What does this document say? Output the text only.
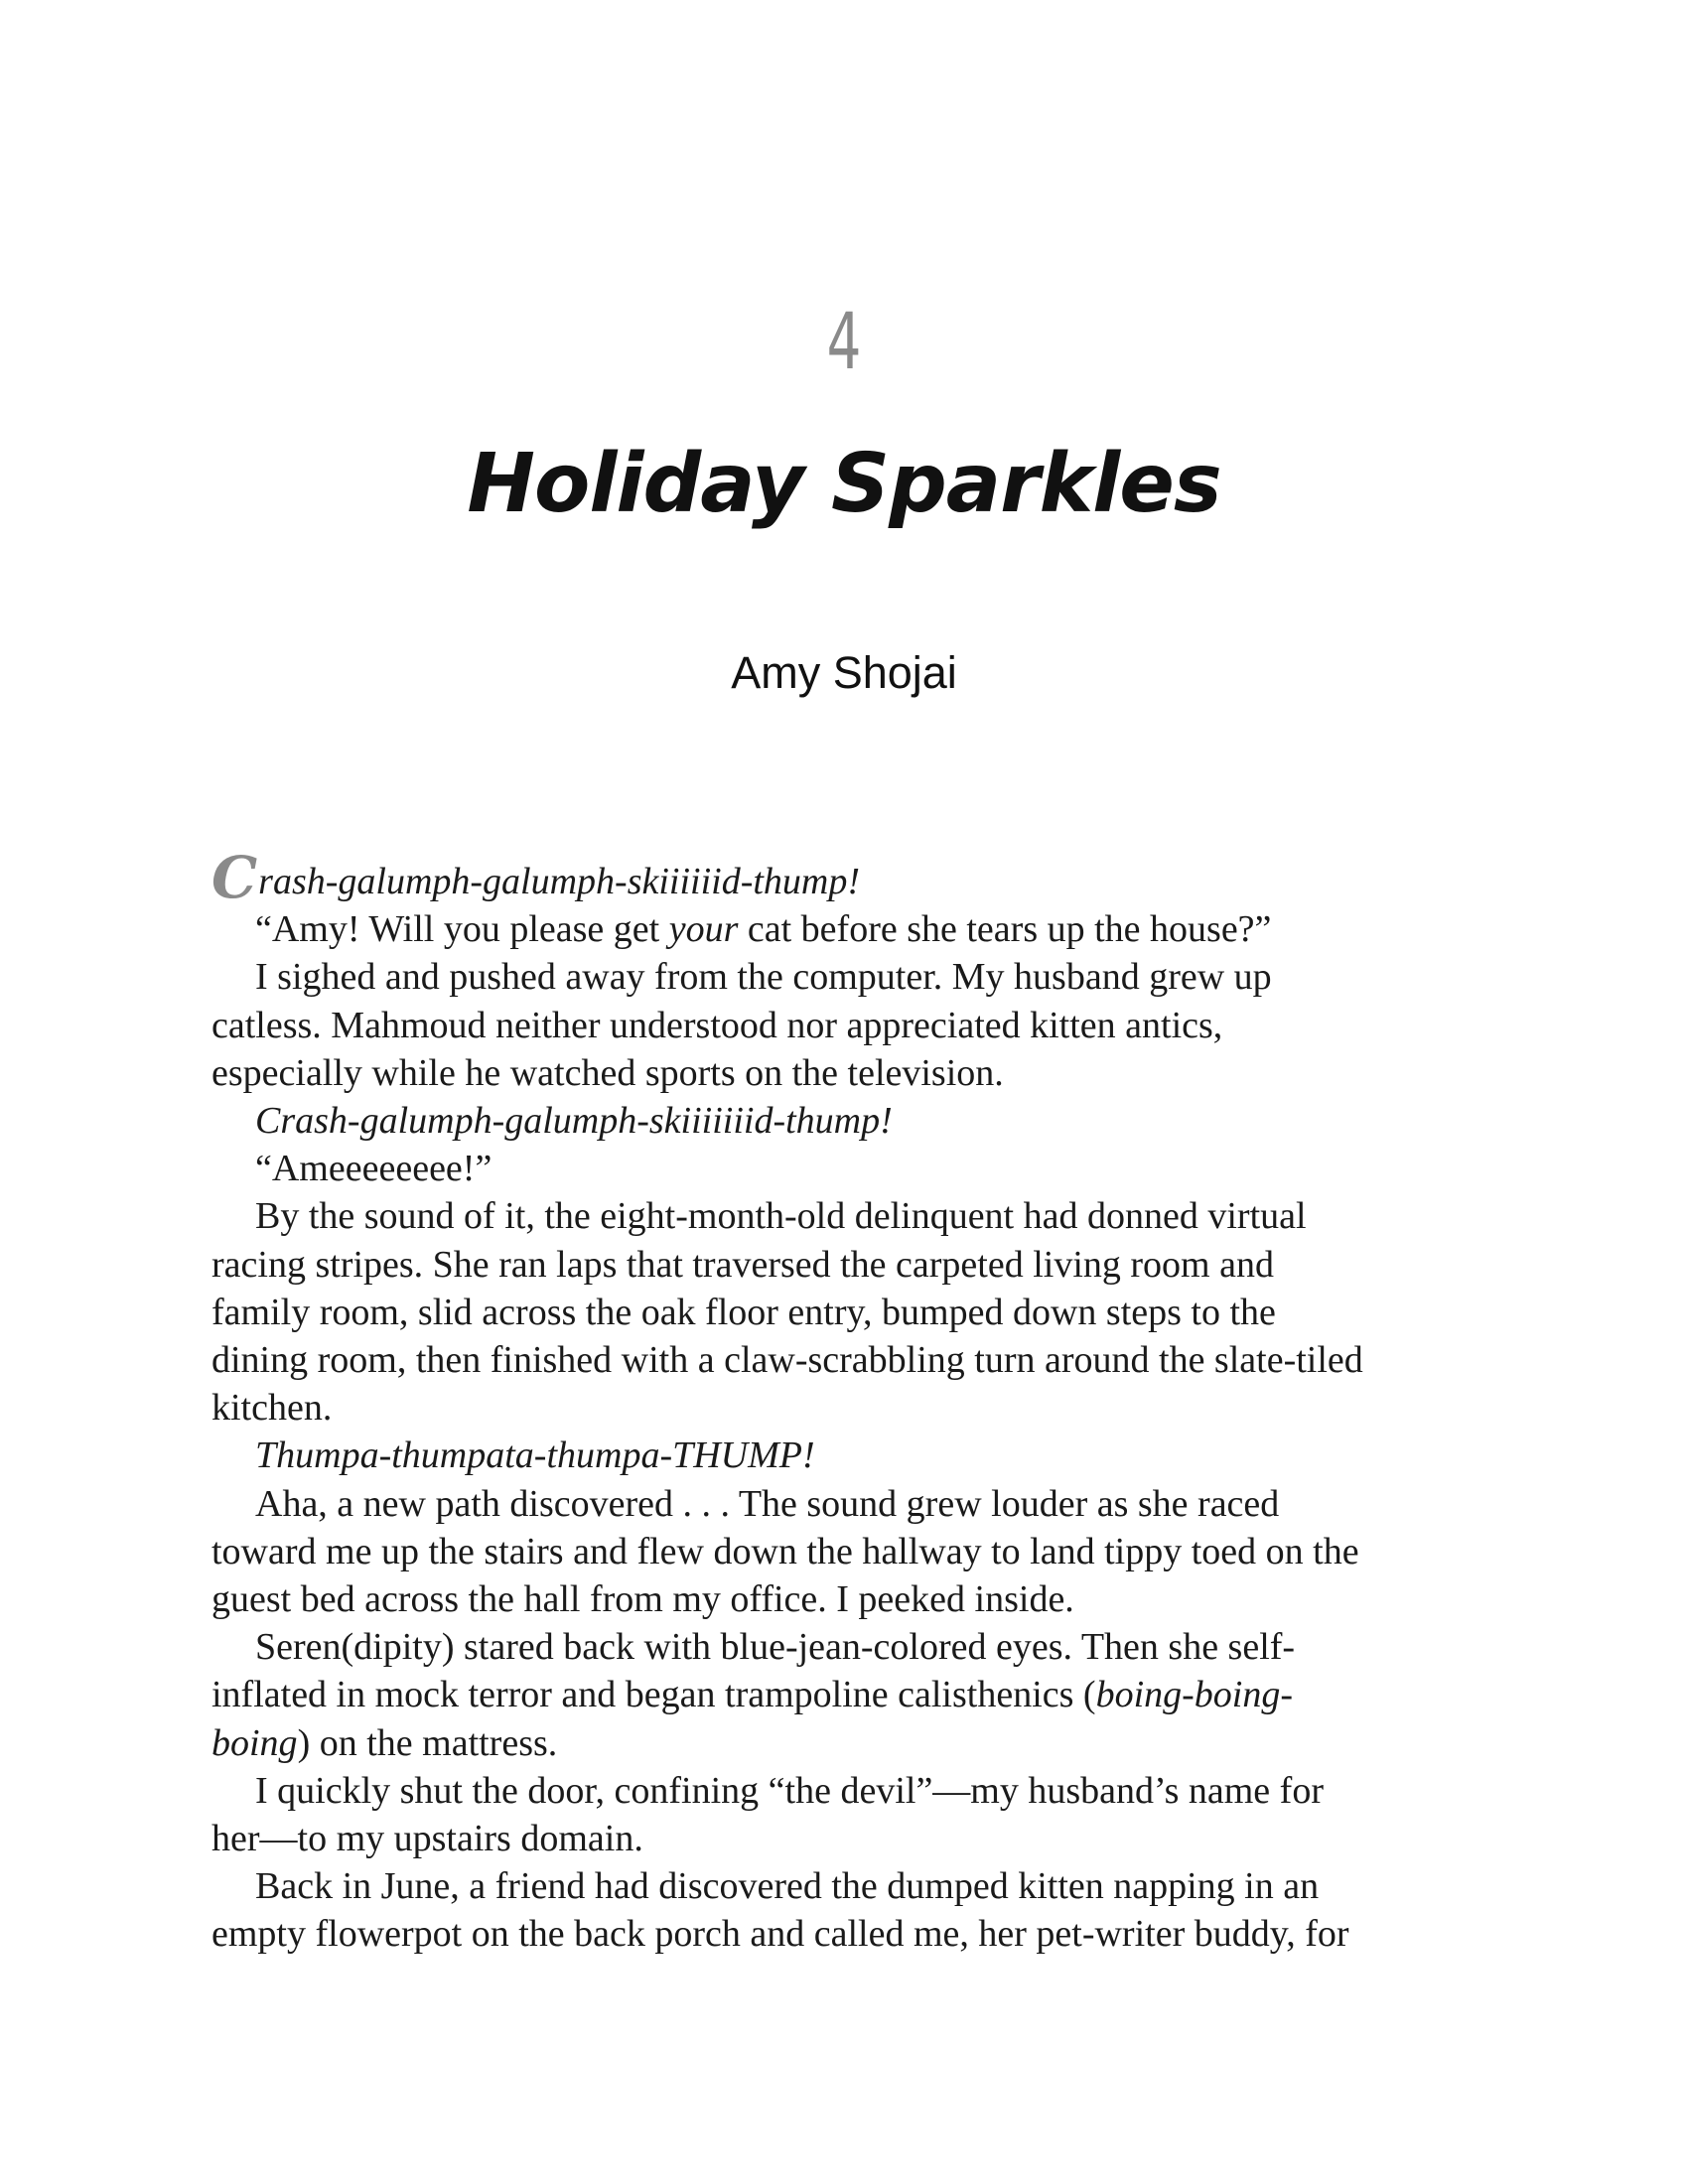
4
Holiday Sparkles
Amy Shojai
Crash-galumph-galumph-skiiiiiid-thump!
“Amy! Will you please get your cat before she tears up the house?”
I sighed and pushed away from the computer. My husband grew up
catless. Mahmoud neither understood nor appreciated kitten antics,
especially while he watched sports on the television.
Crash-galumph-galumph-skiiiiiiid-thump!
“Ameeeeeeee!”
By the sound of it, the eight-month-old delinquent had donned virtual
racing stripes. She ran laps that traversed the carpeted living room and
family room, slid across the oak floor entry, bumped down steps to the
dining room, then finished with a claw-scrabbling turn around the slate-tiled
kitchen.
Thumpa-thumpata-thumpa-THUMP!
Aha, a new path discovered . . . The sound grew louder as she raced
toward me up the stairs and flew down the hallway to land tippy toed on the
guest bed across the hall from my office. I peeked inside.
Seren(dipity) stared back with blue-jean-colored eyes. Then she self-
inflated in mock terror and began trampoline calisthenics (boing-boing-
boing) on the mattress.
I quickly shut the door, confining “the devil”—my husband’s name for
her—to my upstairs domain.
Back in June, a friend had discovered the dumped kitten napping in an
empty flowerpot on the back porch and called me, her pet-writer buddy, for
